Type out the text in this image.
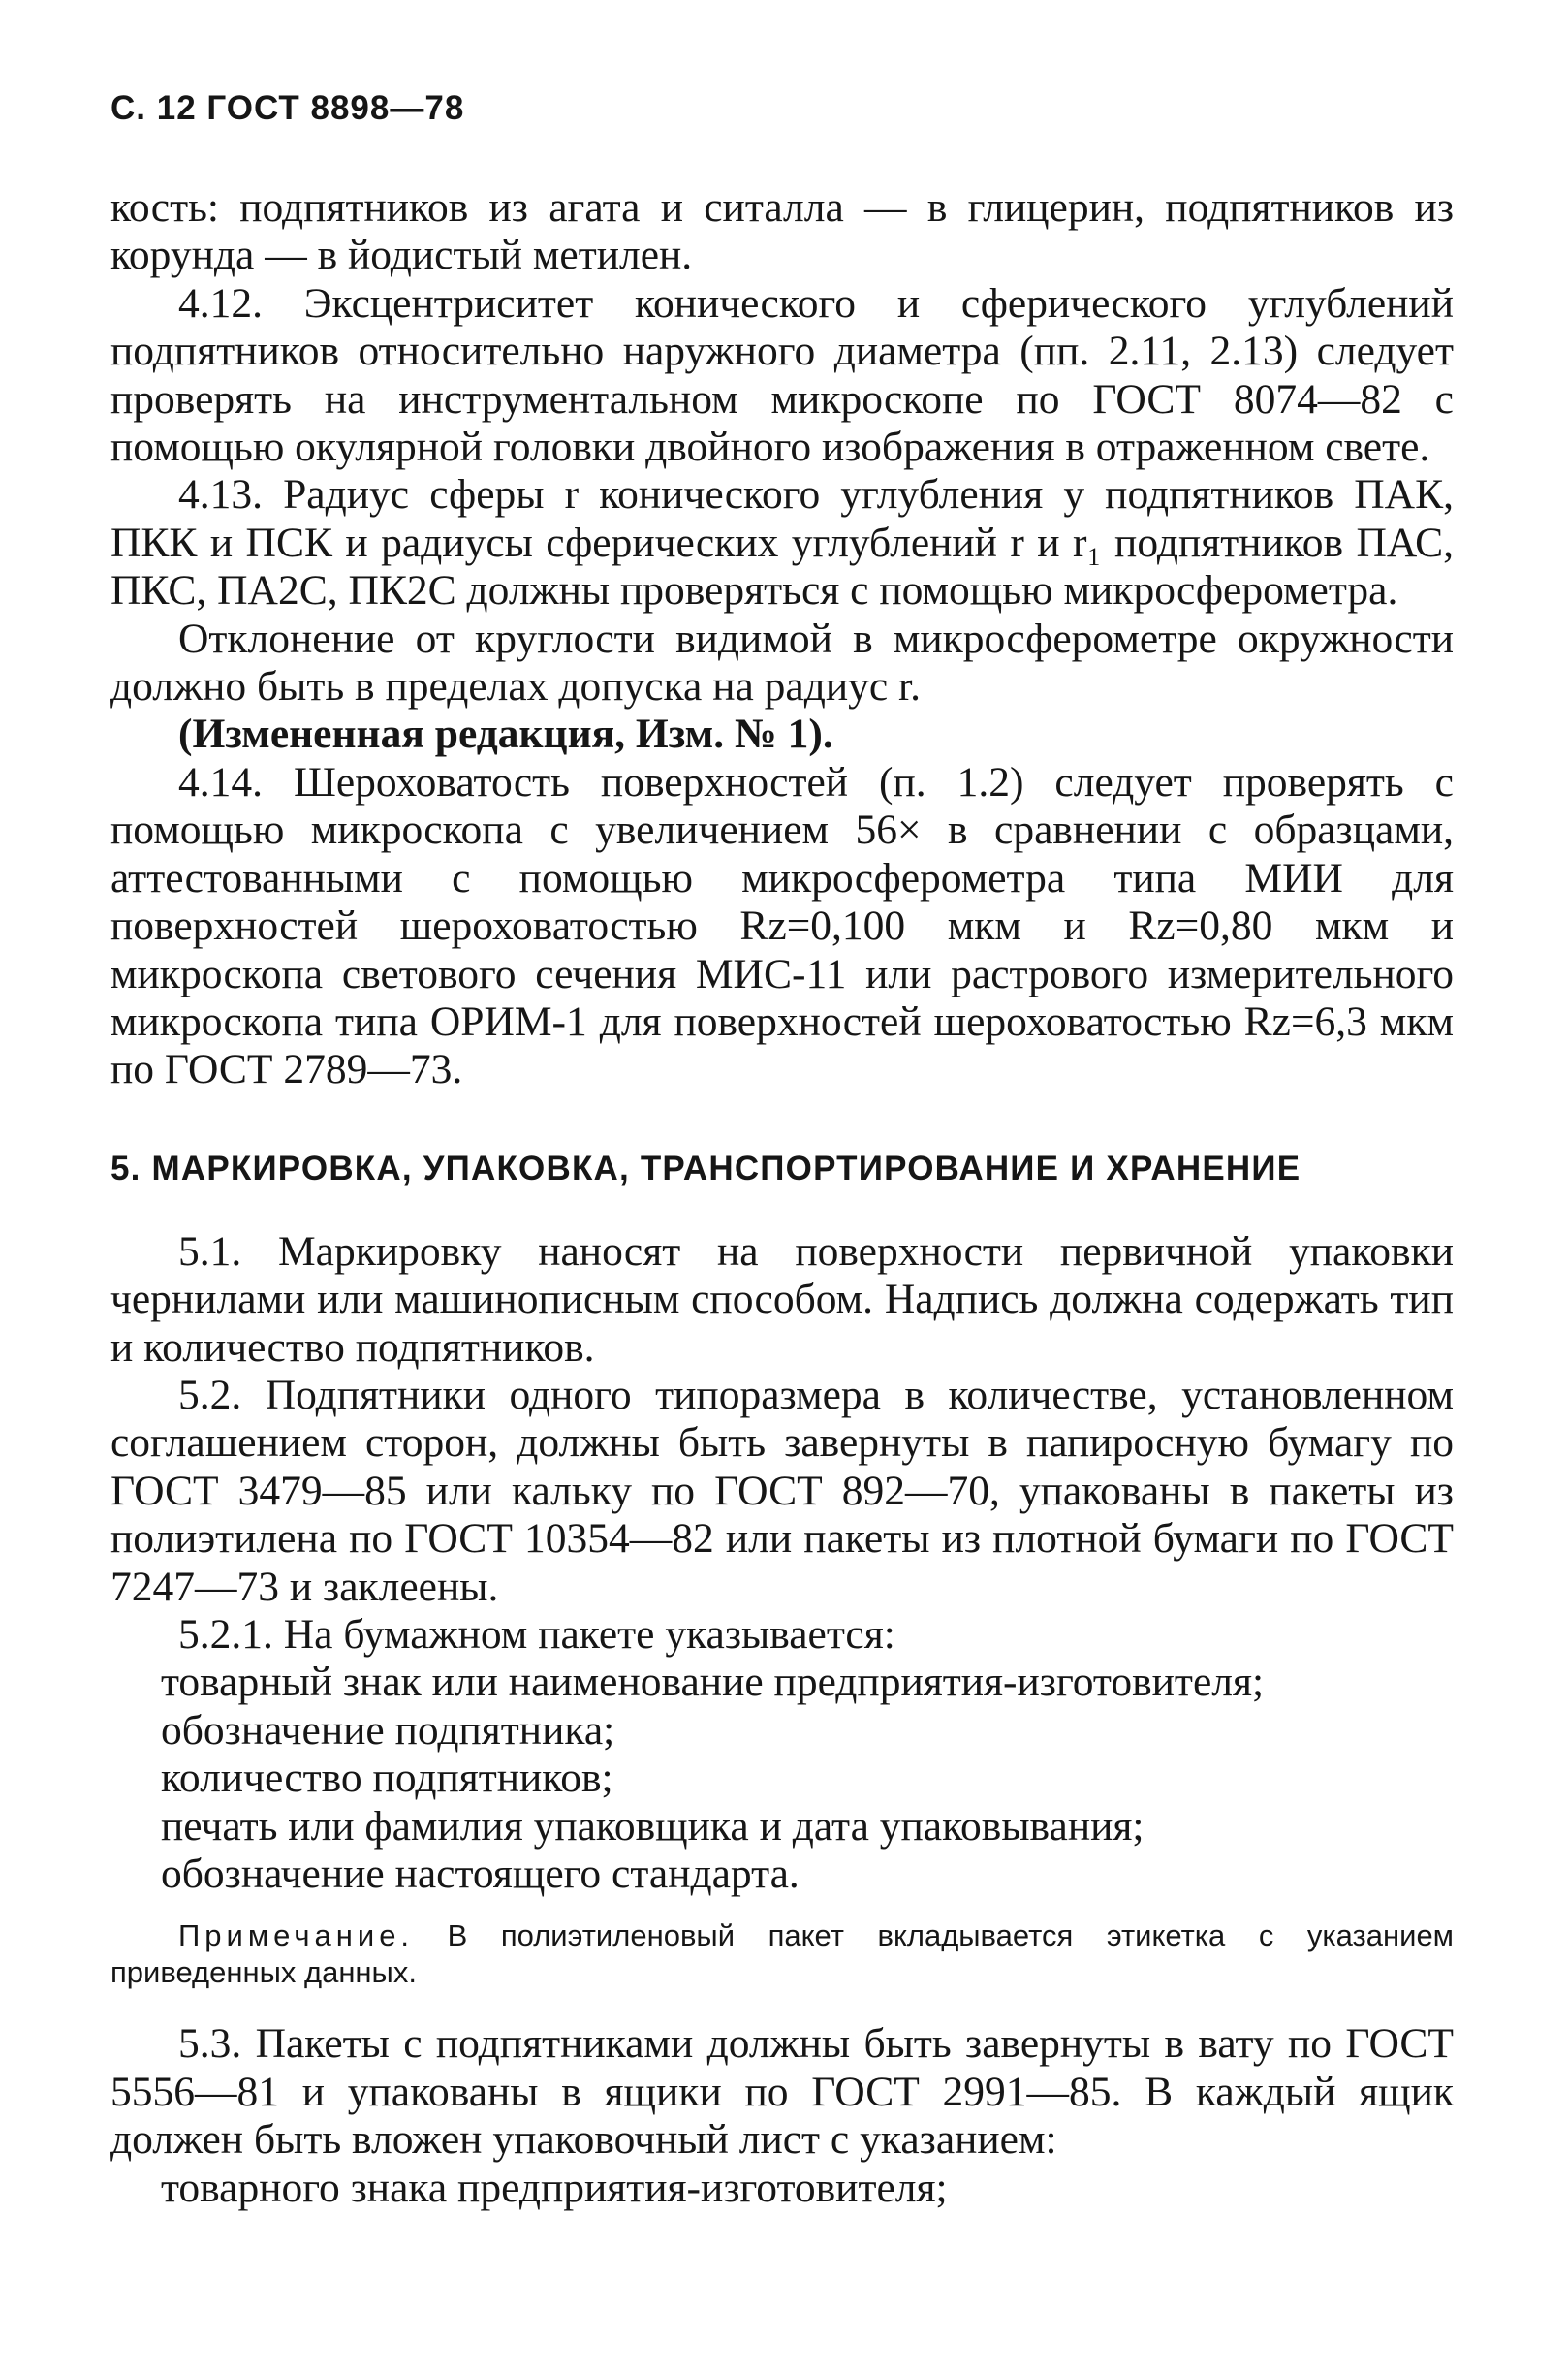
С. 12 ГОСТ 8898—78

кость: подпятников из агата и ситалла — в глицерин, подпятников из корунда — в йодистый метилен.

4.12. Эксцентриситет конического и сферического углублений подпятников относительно наружного диаметра (пп. 2.11, 2.13) следует проверять на инструментальном микроскопе по ГОСТ 8074—82 с помощью окулярной головки двойного изображения в отраженном свете.

4.13. Радиус сферы r конического углубления у подпятников ПАК, ПКК и ПСК и радиусы сферических углублений r и r₁ подпятников ПАС, ПКС, ПА2С, ПК2С должны проверяться с помощью микросферометра.

Отклонение от круглости видимой в микросферометре окружности должно быть в пределах допуска на радиус r.

(Измененная редакция, Изм. № 1).

4.14. Шероховатость поверхностей (п. 1.2) следует проверять с помощью микроскопа с увеличением 56× в сравнении с образцами, аттестованными с помощью микросферометра типа МИИ для поверхностей шероховатостью Rz=0,100 мкм и Rz=0,80 мкм и микроскопа светового сечения МИС-11 или растрового измерительного микроскопа типа ОРИМ-1 для поверхностей шероховатостью Rz=6,3 мкм по ГОСТ 2789—73.

5. МАРКИРОВКА, УПАКОВКА, ТРАНСПОРТИРОВАНИЕ И ХРАНЕНИЕ

5.1. Маркировку наносят на поверхности первичной упаковки чернилами или машинописным способом. Надпись должна содержать тип и количество подпятников.

5.2. Подпятники одного типоразмера в количестве, установленном соглашением сторон, должны быть завернуты в папиросную бумагу по ГОСТ 3479—85 или кальку по ГОСТ 892—70, упакованы в пакеты из полиэтилена по ГОСТ 10354—82 или пакеты из плотной бумаги по ГОСТ 7247—73 и заклеены.

5.2.1. На бумажном пакете указывается:

товарный знак или наименование предприятия-изготовителя;

обозначение подпятника;

количество подпятников;

печать или фамилия упаковщика и дата упаковывания;

обозначение настоящего стандарта.

Примечание. В полиэтиленовый пакет вкладывается этикетка с указанием приведенных данных.

5.3. Пакеты с подпятниками должны быть завернуты в вату по ГОСТ 5556—81 и упакованы в ящики по ГОСТ 2991—85. В каждый ящик должен быть вложен упаковочный лист с указанием:

товарного знака предприятия-изготовителя;
